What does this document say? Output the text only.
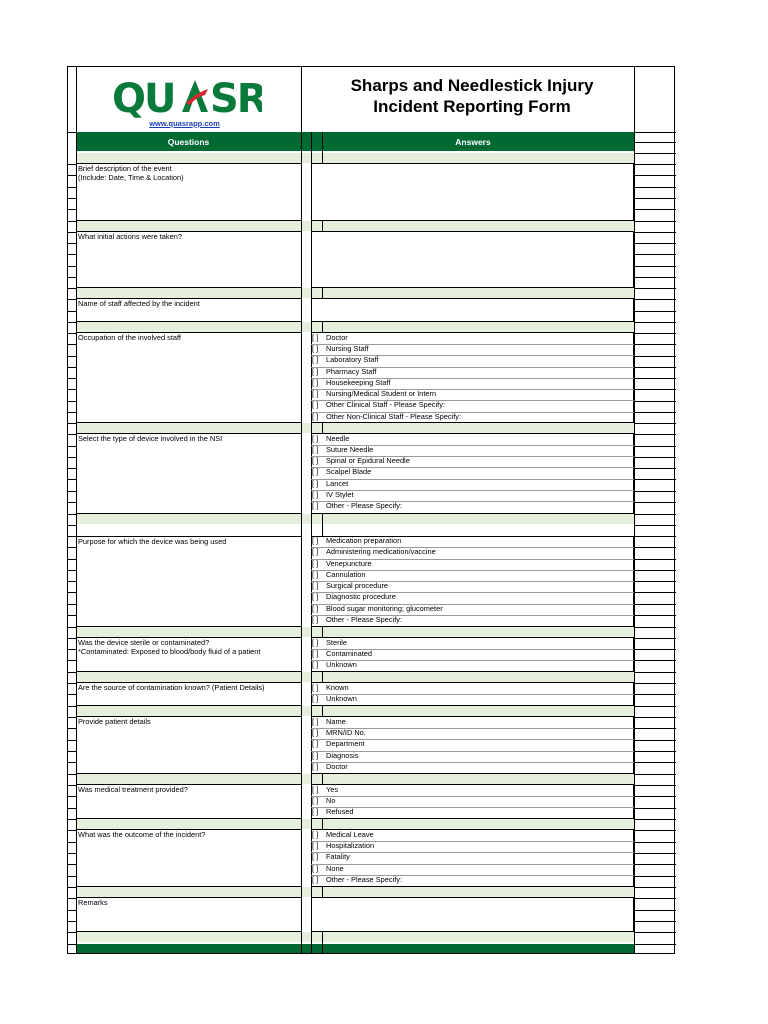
QU SR
www.quasrapp.com
Sharps and Needlestick Injury
Incident Reporting Form
Questions	Answers
Brief description of the event
(Include: Date, Time & Location)
What initial actions were taken?
Name of staff affected by the incident
Occupation of the involved staff	[ ] Doctor
[ ] Nursing Staff
[ ] Laboratory Staff
[ ] Pharmacy Staff
[ ] Housekeeping Staff
[ ] Nursing/Medical Student or Intern
[ ] Other Clinical Staff - Please Specify:
[ ] Other Non-Clinical Staff - Please Specify:
Select the type of device involved in the NSI	[ ] Needle
[ ] Suture Needle
[ ] Spinal or Epidural Needle
[ ] Scalpel Blade
[ ] Lancet
[ ] IV Stylet
[ ] Other - Please Specify:
Purpose for which the device was being used	[ ] Medication preparation
[ ] Administering medication/vaccine
[ ] Venepuncture
[ ] Cannulation
[ ] Surgical procedure
[ ] Diagnostic procedure
[ ] Blood sugar monitoring; glucometer
[ ] Other - Please Specify:
Was the device sterile or contaminated?
*Contaminated: Exposed to blood/body fluid of a patient
[ ] Sterile
[ ] Contaminated
[ ] Unknown
Are the source of contamination known? (Patient Details)	[ ] Known
[ ] Unknown
Provide patient details	[ ] Name
[ ] MRN/ID No.
[ ] Department
[ ] Diagnosis
[ ] Doctor
Was medical treatment provided?	[ ] Yes
[ ] No
[ ] Refused
What was the outcome of the incident?	[ ] Medical Leave
[ ] Hospitalization
[ ] Fatality
[ ] None
[ ] Other - Please Specify:
Remarks
